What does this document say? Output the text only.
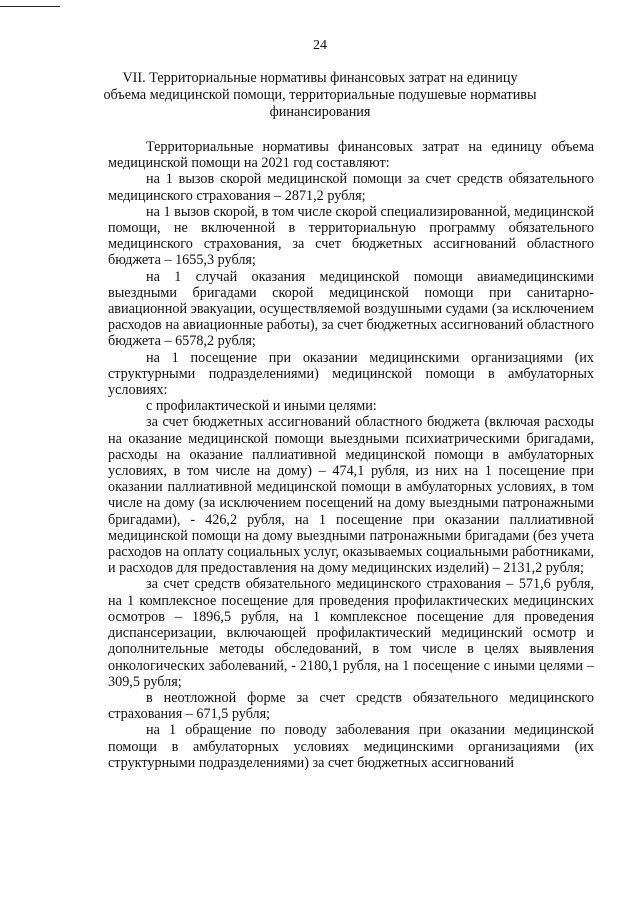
24
VII. Территориальные нормативы финансовых затрат на единицу объема медицинской помощи, территориальные подушевые нормативы финансирования

Территориальные нормативы финансовых затрат на единицу объема медицинской помощи на 2021 год составляют:

на 1 вызов скорой медицинской помощи за счет средств обязательного медицинского страхования – 2871,2 рубля;

на 1 вызов скорой, в том числе скорой специализированной, медицинской помощи, не включенной в территориальную программу обязательного медицинского страхования, за счет бюджетных ассигнований областного бюджета – 1655,3 рубля;

на 1 случай оказания медицинской помощи авиамедицинскими выездными бригадами скорой медицинской помощи при санитарно-авиационной эвакуации, осуществляемой воздушными судами (за исключением расходов на авиационные работы), за счет бюджетных ассигнований областного бюджета – 6578,2 рубля;

на 1 посещение при оказании медицинскими организациями (их структурными подразделениями) медицинской помощи в амбулаторных условиях:

с профилактической и иными целями:

за счет бюджетных ассигнований областного бюджета (включая расходы на оказание медицинской помощи выездными психиатрическими бригадами, расходы на оказание паллиативной медицинской помощи в амбулаторных условиях, в том числе на дому) – 474,1 рубля, из них на 1 посещение при оказании паллиативной медицинской помощи в амбулаторных условиях, в том числе на дому (за исключением посещений на дому выездными патронажными бригадами), - 426,2 рубля, на 1 посещение при оказании паллиативной медицинской помощи на дому выездными патронажными бригадами (без учета расходов на оплату социальных услуг, оказываемых социальными работниками, и расходов для предоставления на дому медицинских изделий) – 2131,2 рубля;

за счет средств обязательного медицинского страхования – 571,6 рубля, на 1 комплексное посещение для проведения профилактических медицинских осмотров – 1896,5 рубля, на 1 комплексное посещение для проведения диспансеризации, включающей профилактический медицинский осмотр и дополнительные методы обследований, в том числе в целях выявления онкологических заболеваний, - 2180,1 рубля, на 1 посещение с иными целями – 309,5 рубля;

в неотложной форме за счет средств обязательного медицинского страхования – 671,5 рубля;

на 1 обращение по поводу заболевания при оказании медицинской помощи в амбулаторных условиях медицинскими организациями (их структурными подразделениями) за счет бюджетных ассигнований
